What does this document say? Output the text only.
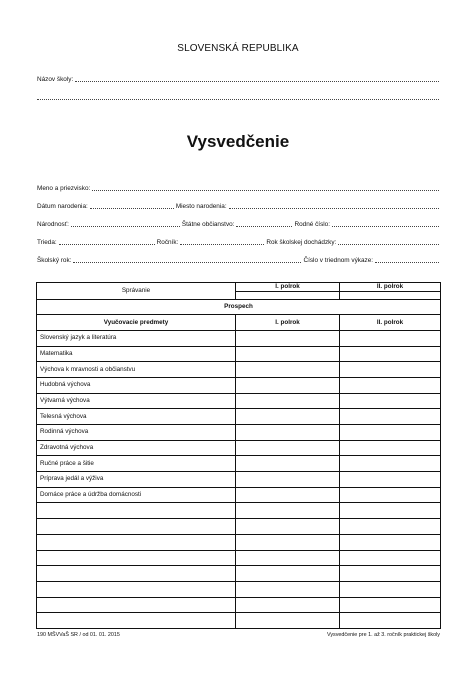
SLOVENSKÁ REPUBLIKA
Názov školy:
Vysvedčenie
Meno a priezvisko:
Dátum narodenia:	Miesto narodenia:
Národnosť:	Štátne občianstvo:	Rodné číslo:
Trieda:	Ročník:	Rok školskej dochádzky:
Školský rok:	Číslo v triednom výkaze:
Správanie	I. polrok	II. polrok

Prospech		
Vyučovacie predmety	I. polrok	II. polrok
Slovenský jazyk a literatúra		
Matematika		
Výchova k mravnosti a občianstvu		
Hudobná výchova		
Výtvarná výchova		
Telesná výchova		
Rodinná výchova		
Zdravotná výchova		
Ručné práce a šitie		
Príprava jedál a výživa		
Domáce práce a údržba domácnosti		

190 MŠVVaŠ SR / od 01. 01. 2015	Vysvedčenie pre 1. až 3. ročník praktickej školy
